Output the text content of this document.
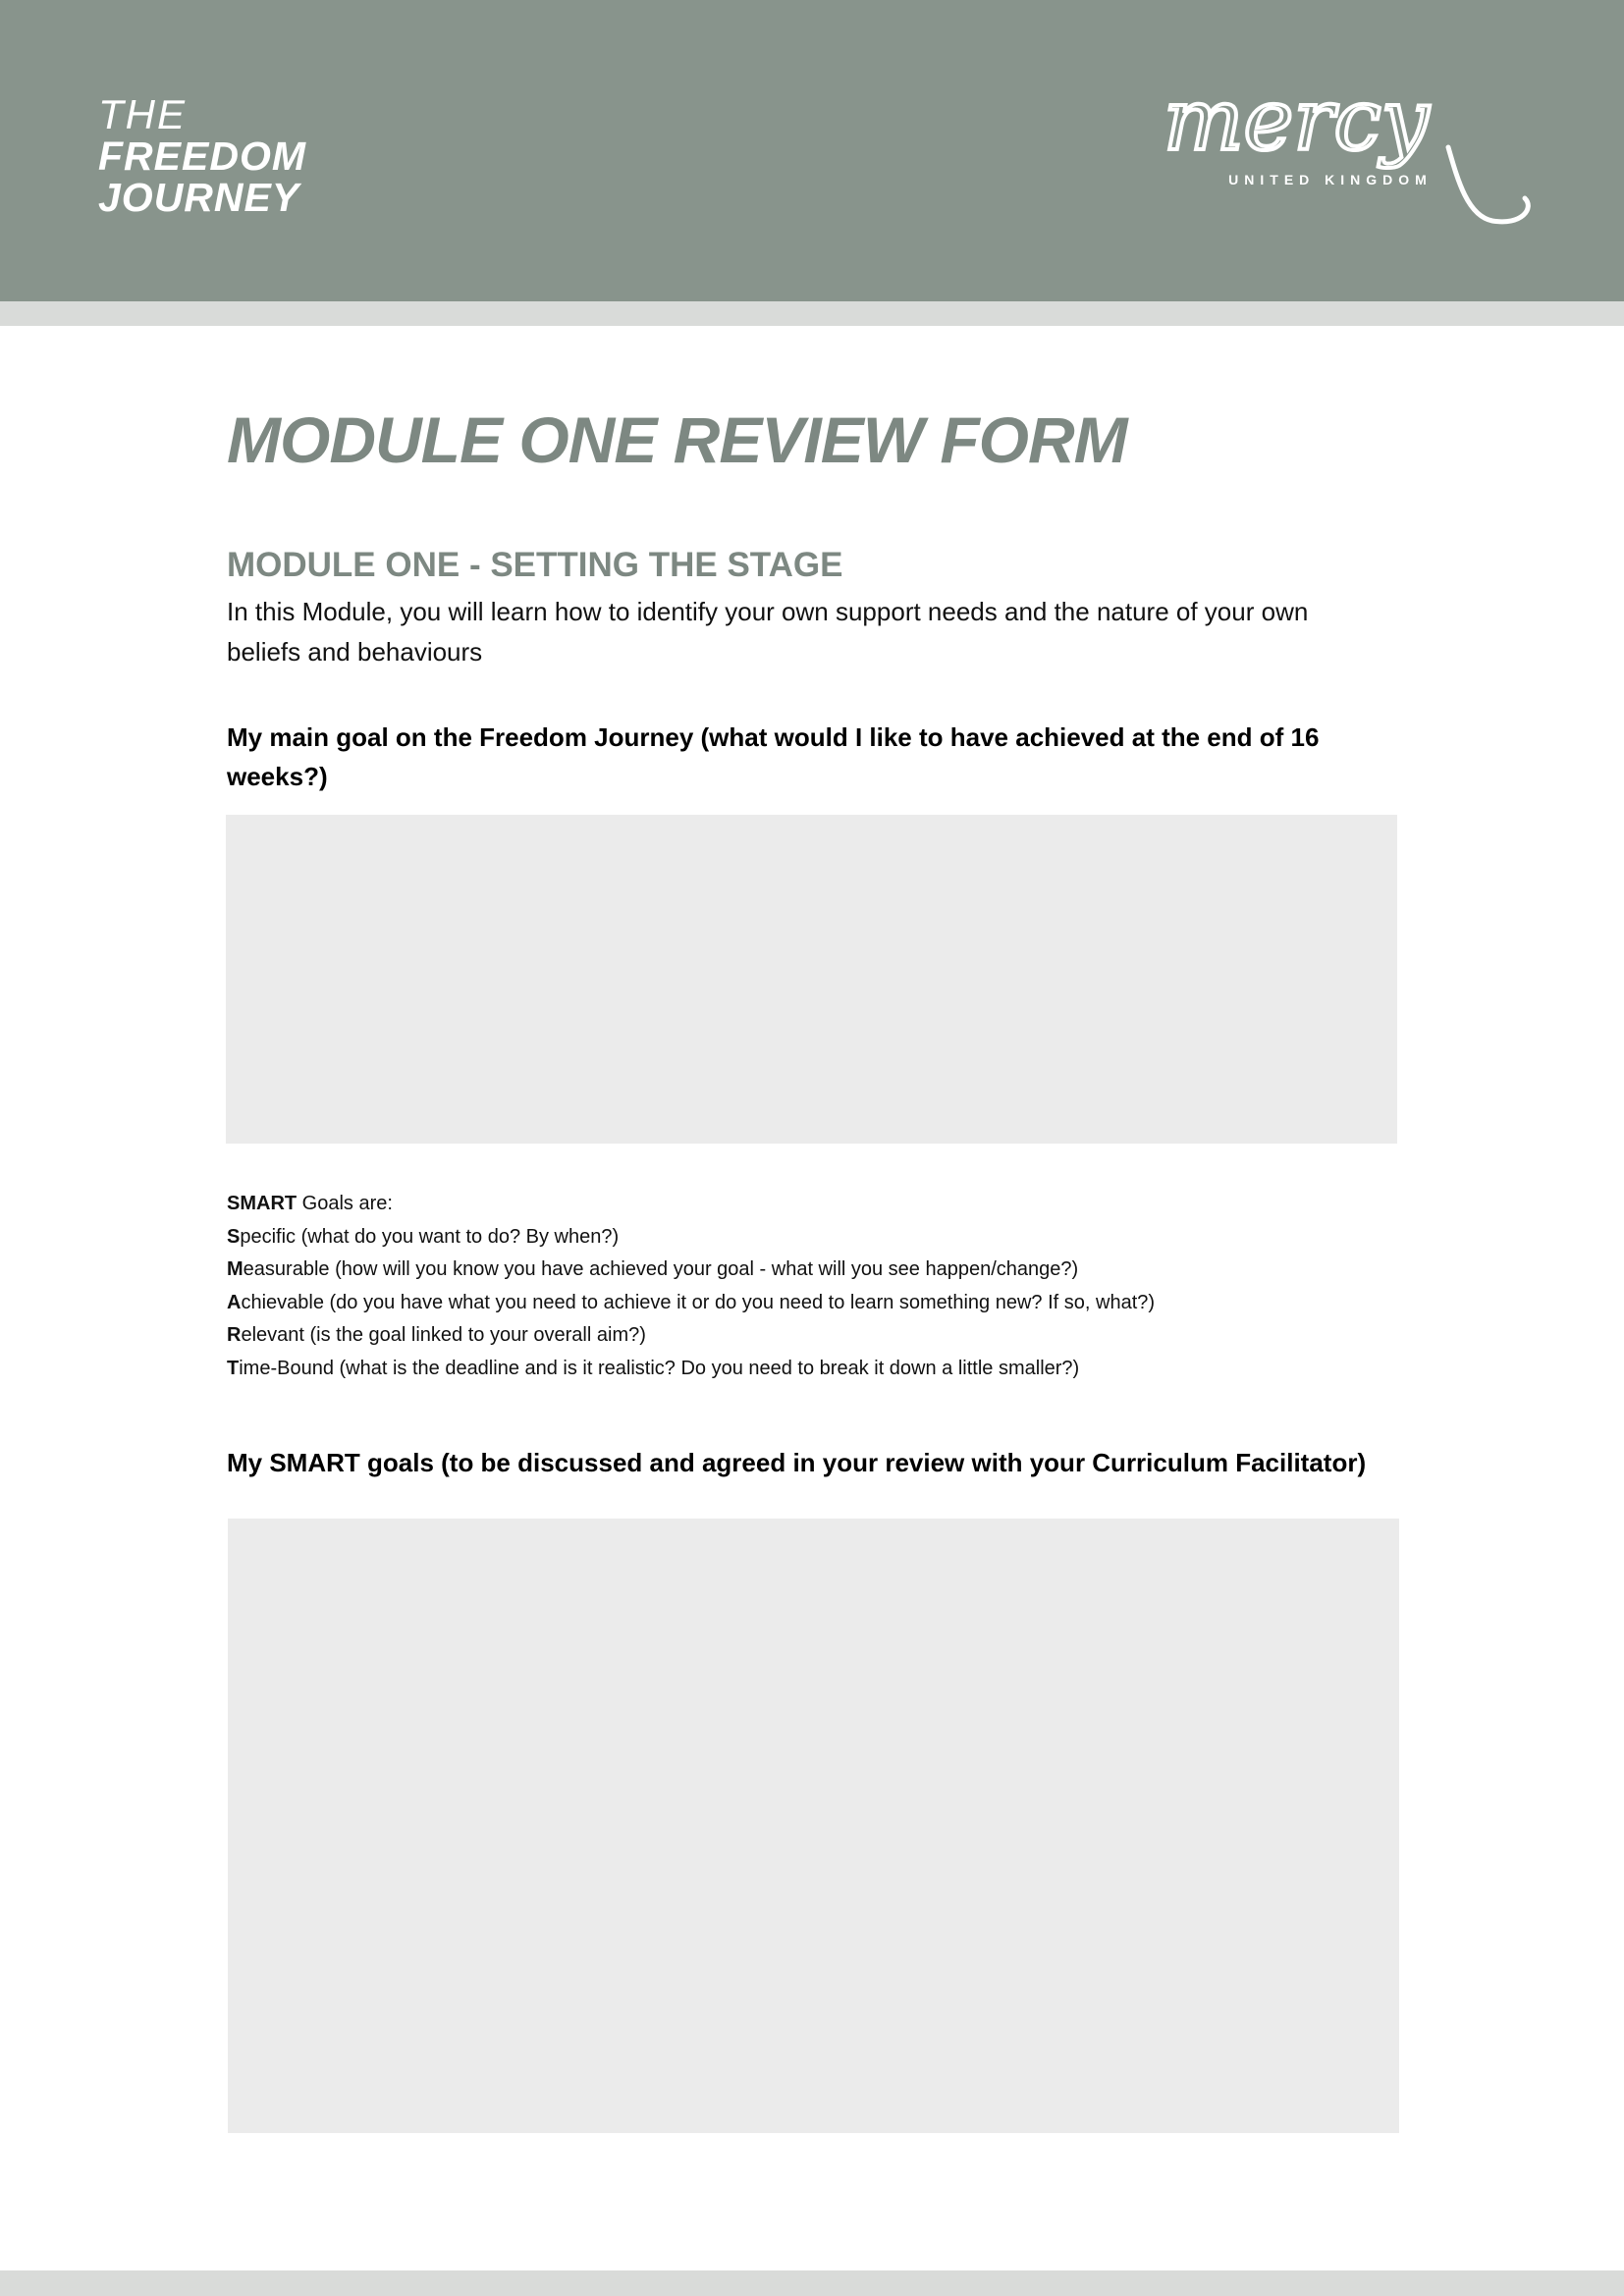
THE
FREEDOM
JOURNEY
mercy
UNITED KINGDOM
MODULE ONE REVIEW FORM
MODULE ONE - SETTING THE STAGE

In this Module, you will learn how to identify your own support needs and the nature of your own beliefs and behaviours

My main goal on the Freedom Journey (what would I like to have achieved at the end of 16 weeks?)

SMART Goals are:
Specific (what do you want to do? By when?)
Measurable (how will you know you have achieved your goal - what will you see happen/change?)
Achievable (do you have what you need to achieve it or do you need to learn something new? If so, what?)
Relevant (is the goal linked to your overall aim?)
Time-Bound (what is the deadline and is it realistic? Do you need to break it down a little smaller?)

My SMART goals (to be discussed and agreed in your review with your Curriculum Facilitator)
